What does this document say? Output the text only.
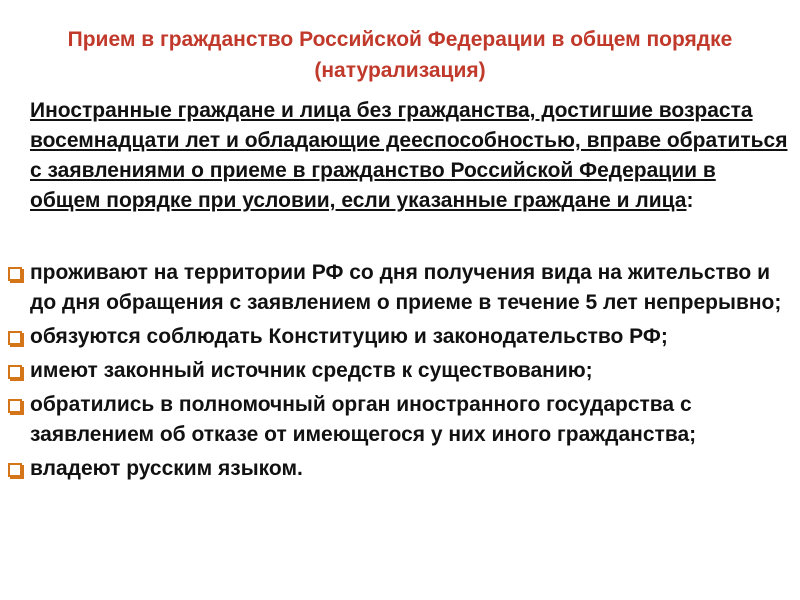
Прием в гражданство Российской Федерации в общем порядке (натурализация)
Иностранные граждане и лица без гражданства, достигшие возраста восемнадцати лет и обладающие дееспособностью, вправе обратиться с заявлениями о приеме в гражданство Российской Федерации в общем порядке при условии, если указанные граждане и лица:
проживают на территории РФ со дня получения вида на жительство и до дня обращения с заявлением о приеме в течение 5 лет непрерывно;
обязуются соблюдать Конституцию и законодательство РФ;
имеют законный источник средств к существованию;
обратились в полномочный орган иностранного государства с заявлением об отказе от имеющегося у них иного гражданства;
владеют русским языком.
